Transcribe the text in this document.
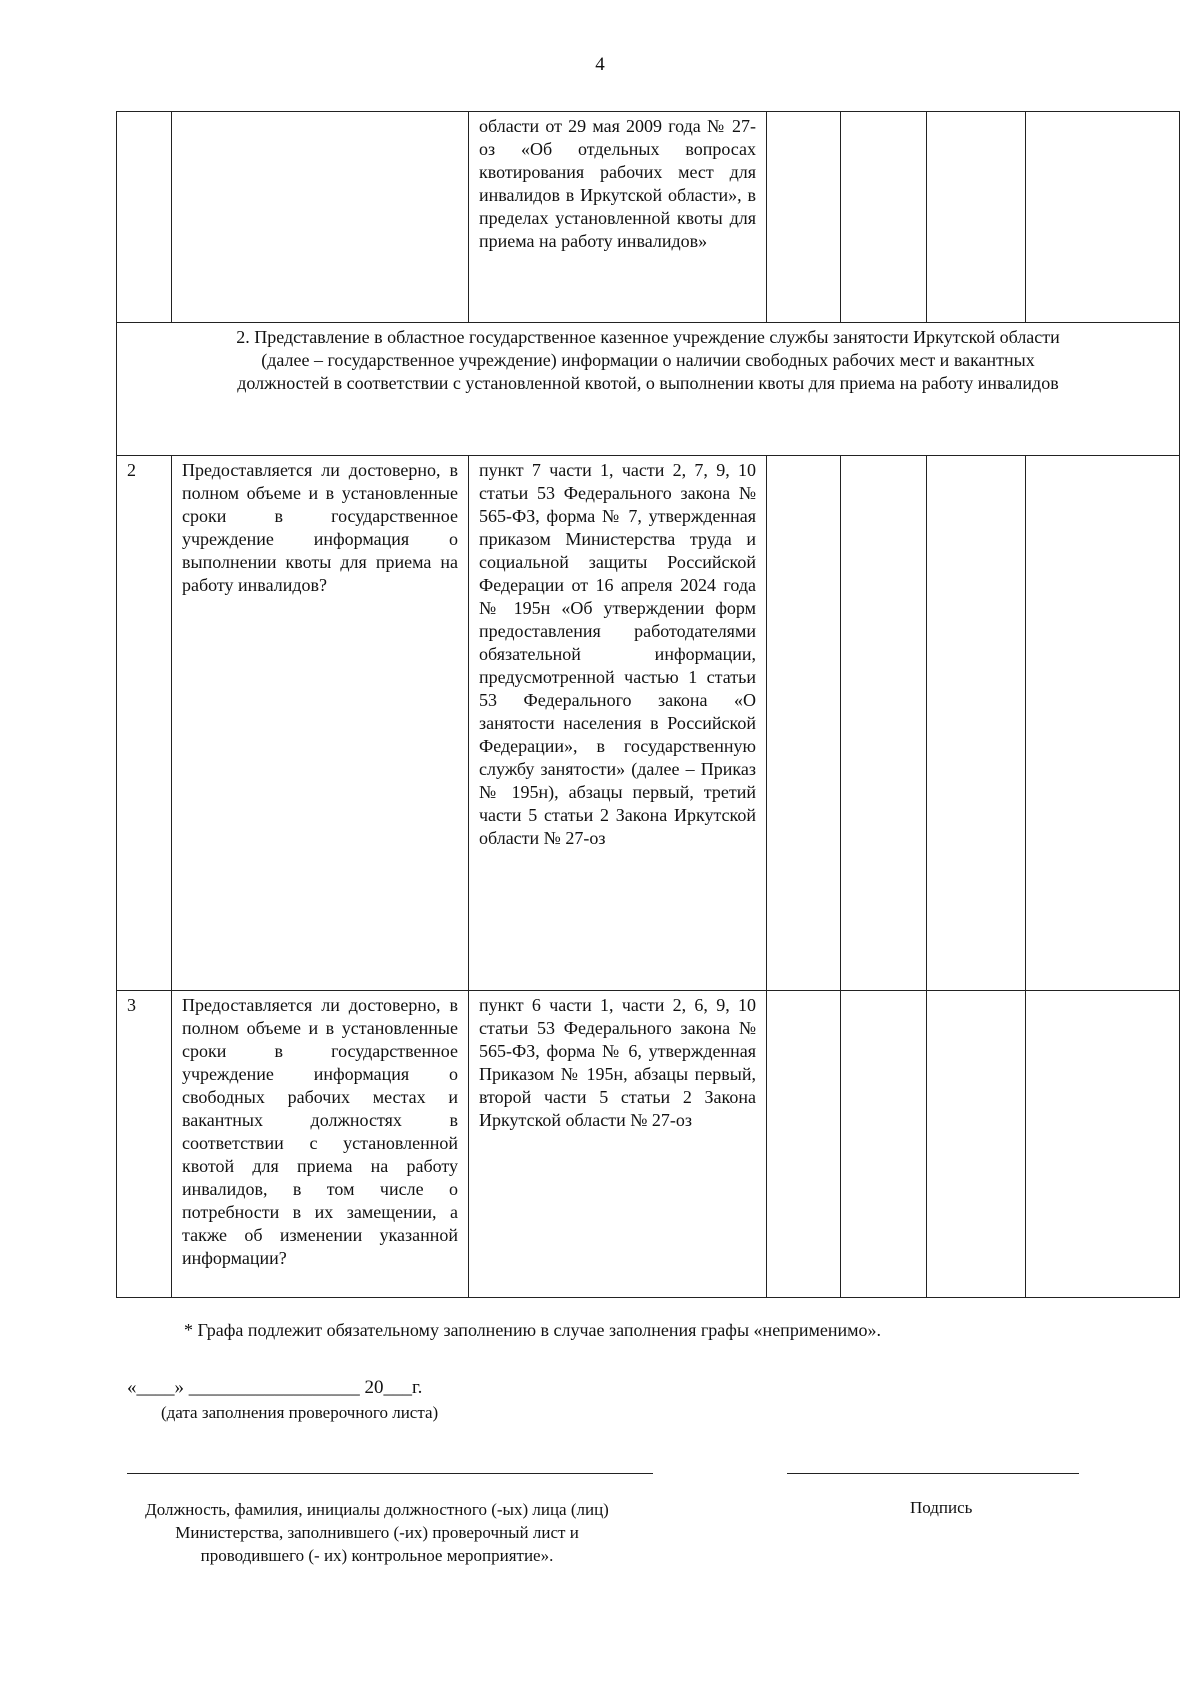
4
		области от 29 мая 2009 года № 27-оз «Об отдельных вопросах квотирования рабочих мест для инвалидов в Иркутской области», в пределах установленной квоты для приема на работу инвалидов»				

2. Представление в областное государственное казенное учреждение службы занятости Иркутской области
(далее – государственное учреждение) информации о наличии свободных рабочих мест и вакантных
должностей в соответствии с установленной квотой, о выполнении квоты для приема на работу инвалидов						

2	Предоставляется ли достоверно, в полном объеме и в установленные сроки в государственное учреждение информация о выполнении квоты для приема на работу инвалидов?	пункт 7 части 1, части 2, 7, 9, 10 статьи 53 Федерального закона № 565-ФЗ, форма № 7, утвержденная приказом Министерства труда и социальной защиты Российской Федерации от 16 апреля 2024 года № 195н «Об утверждении форм предоставления работодателями обязательной информации, предусмотренной частью 1 статьи 53 Федерального закона «О занятости населения в Российской Федерации», в государственную службу занятости» (далее – Приказ № 195н), абзацы первый, третий части 5 статьи 2 Закона Иркутской области № 27-оз				
3	Предоставляется ли достоверно, в полном объеме и в установленные сроки в государственное учреждение информация о свободных рабочих местах и вакантных должностях в соответствии с установленной квотой для приема на работу инвалидов, в том числе о потребности в их замещении, а также об изменении указанной информации?	пункт 6 части 1, части 2, 6, 9, 10 статьи 53 Федерального закона № 565-ФЗ, форма № 6, утвержденная Приказом № 195н, абзацы первый, второй части 5 статьи 2 Закона Иркутской области № 27-оз				
* Графа подлежит обязательному заполнению в случае заполнения графы «неприменимо».
«____» __________________ 20___г.
(дата заполнения проверочного листа)
Должность, фамилия, инициалы должностного (-ых) лица (лиц) Министерства, заполнившего (-их) проверочный лист и проводившего (- их) контрольное мероприятие».
Подпись
